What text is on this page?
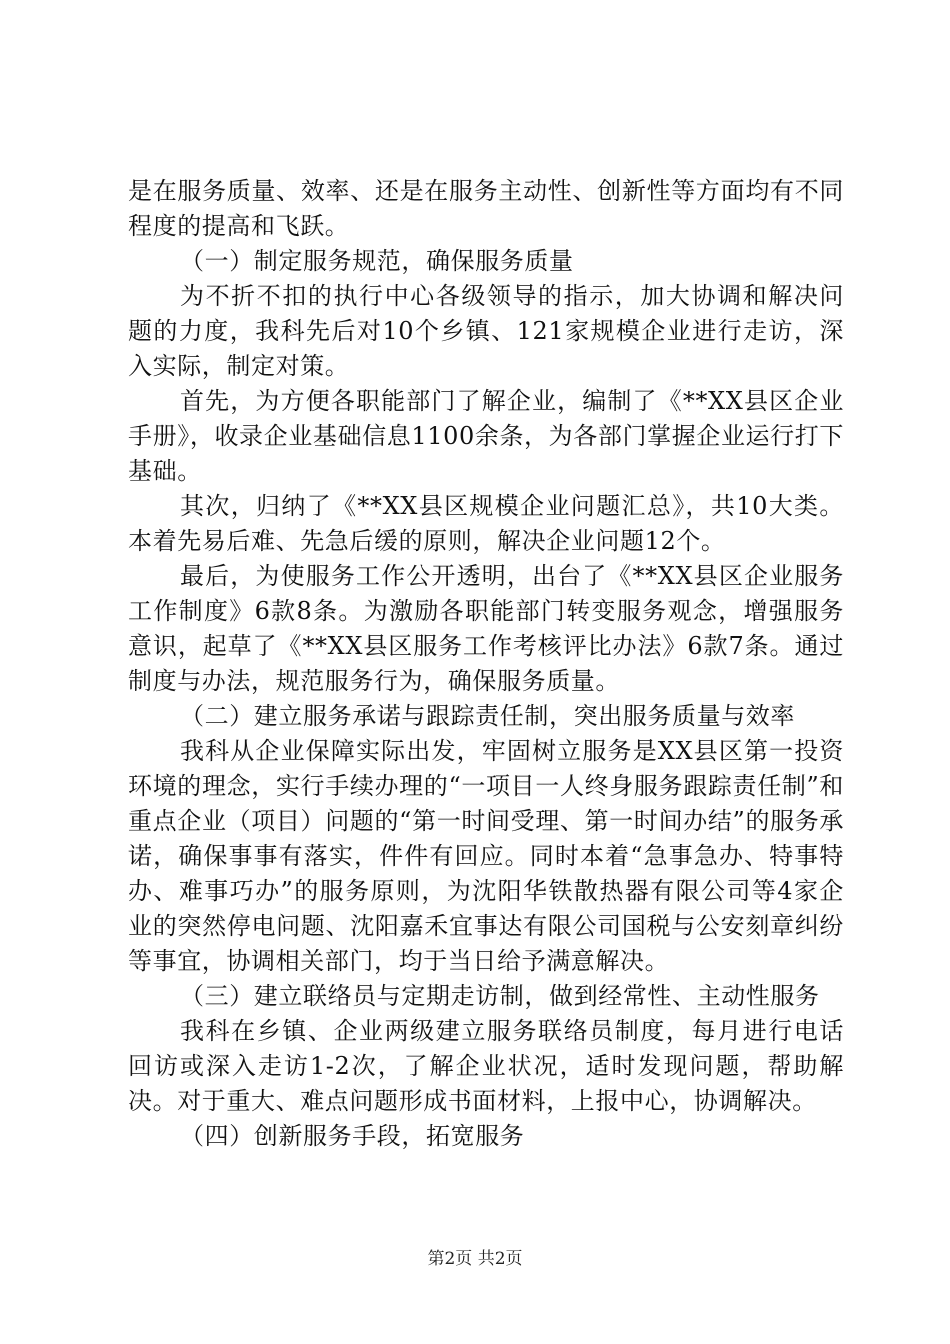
是在服务质量、效率、还是在服务主动性、创新性等方面均有不同程度的提高和飞跃。

（一）制定服务规范，确保服务质量

为不折不扣的执行中心各级领导的指示，加大协调和解决问题的力度，我科先后对10个乡镇、121家规模企业进行走访，深入实际，制定对策。

首先，为方便各职能部门了解企业，编制了《**XX县区企业手册》，收录企业基础信息1100余条，为各部门掌握企业运行打下基础。

其次，归纳了《**XX县区规模企业问题汇总》，共10大类。本着先易后难、先急后缓的原则，解决企业问题12个。

最后，为使服务工作公开透明，出台了《**XX县区企业服务工作制度》6款8条。为激励各职能部门转变服务观念，增强服务意识，起草了《**XX县区服务工作考核评比办法》6款7条。通过制度与办法，规范服务行为，确保服务质量。

（二）建立服务承诺与跟踪责任制，突出服务质量与效率

我科从企业保障实际出发，牢固树立服务是XX县区第一投资环境的理念，实行手续办理的“一项目一人终身服务跟踪责任制”和重点企业（项目）问题的“第一时间受理、第一时间办结”的服务承诺，确保事事有落实，件件有回应。同时本着“急事急办、特事特办、难事巧办”的服务原则，为沈阳华铁散热器有限公司等4家企业的突然停电问题、沈阳嘉禾宜事达有限公司国税与公安刻章纠纷等事宜，协调相关部门，均于当日给予满意解决。

（三）建立联络员与定期走访制，做到经常性、主动性服务

我科在乡镇、企业两级建立服务联络员制度，每月进行电话回访或深入走访1-2次，了解企业状况，适时发现问题，帮助解决。对于重大、难点问题形成书面材料，上报中心，协调解决。

（四）创新服务手段，拓宽服务

第2页 共2页
